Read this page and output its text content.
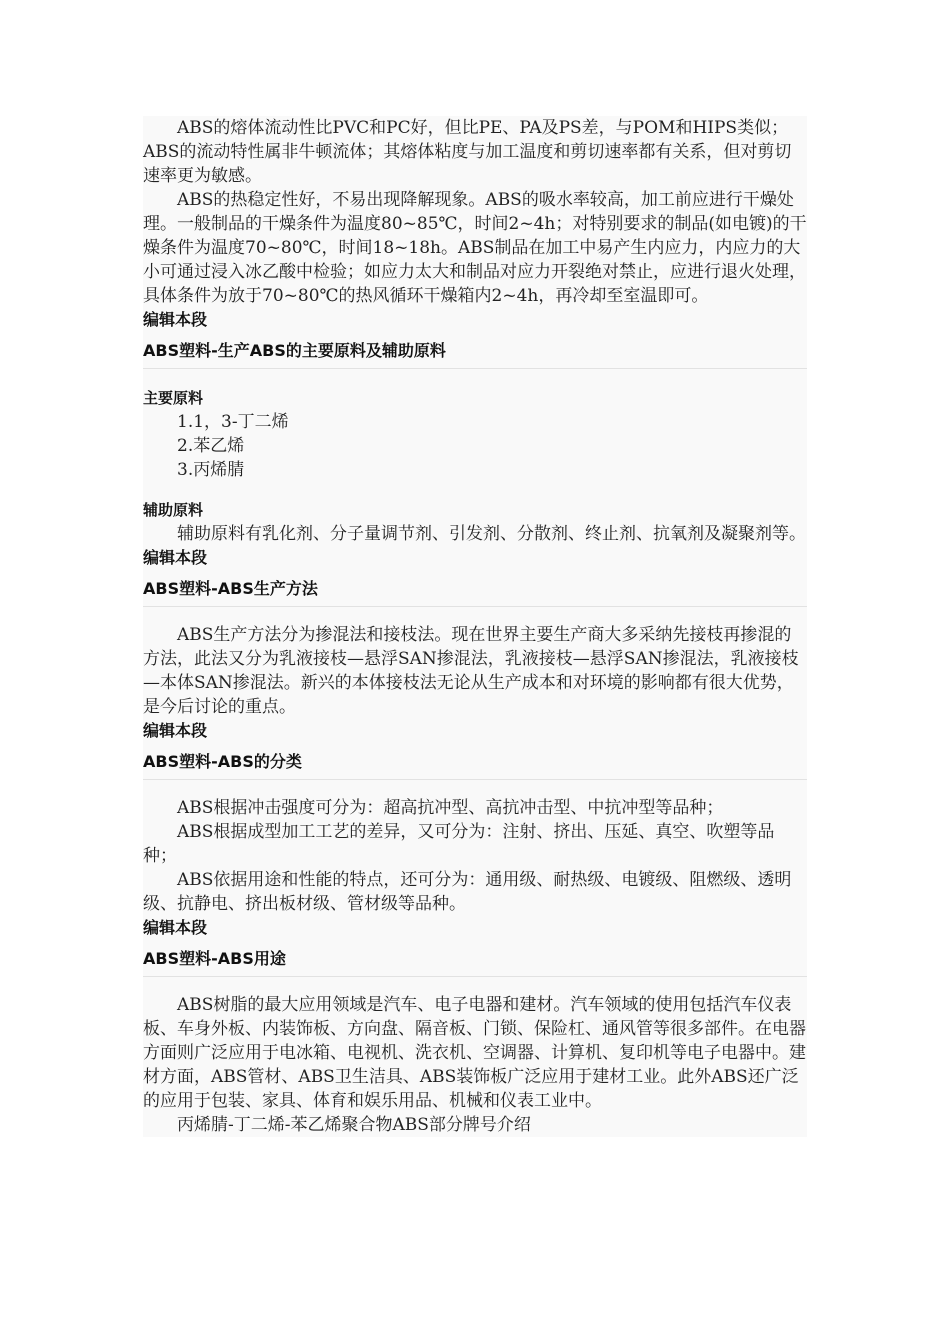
ABS的熔体流动性比PVC和PC好，但比PE、PA及PS差，与POM和HIPS类似；ABS的流动特性属非牛顿流体；其熔体粘度与加工温度和剪切速率都有关系，但对剪切速率更为敏感。

ABS的热稳定性好，不易出现降解现象。ABS的吸水率较高，加工前应进行干燥处理。一般制品的干燥条件为温度80~85℃，时间2~4h；对特别要求的制品(如电镀)的干燥条件为温度70~80℃，时间18~18h。ABS制品在加工中易产生内应力，内应力的大小可通过浸入冰乙酸中检验；如应力太大和制品对应力开裂绝对禁止，应进行退火处理，具体条件为放于70~80℃的热风循环干燥箱内2~4h，再冷却至室温即可。

编辑本段

ABS塑料-生产ABS的主要原料及辅助原料
主要原料

1.1，3-丁二烯

2.苯乙烯

3.丙烯腈

辅助原料

辅助原料有乳化剂、分子量调节剂、引发剂、分散剂、终止剂、抗氧剂及凝聚剂等。

编辑本段

ABS塑料-ABS生产方法

ABS生产方法分为掺混法和接枝法。现在世界主要生产商大多采纳先接枝再掺混的方法，此法又分为乳液接枝—悬浮SAN掺混法，乳液接枝—悬浮SAN掺混法，乳液接枝—本体SAN掺混法。新兴的本体接枝法无论从生产成本和对环境的影响都有很大优势，是今后讨论的重点。

编辑本段

ABS塑料-ABS的分类

ABS根据冲击强度可分为：超高抗冲型、高抗冲击型、中抗冲型等品种；

ABS根据成型加工工艺的差异，又可分为：注射、挤出、压延、真空、吹塑等品种；

ABS依据用途和性能的特点，还可分为：通用级、耐热级、电镀级、阻燃级、透明级、抗静电、挤出板材级、管材级等品种。

编辑本段

ABS塑料-ABS用途

ABS树脂的最大应用领域是汽车、电子电器和建材。汽车领域的使用包括汽车仪表板、车身外板、内装饰板、方向盘、隔音板、门锁、保险杠、通风管等很多部件。在电器方面则广泛应用于电冰箱、电视机、洗衣机、空调器、计算机、复印机等电子电器中。建材方面，ABS管材、ABS卫生洁具、ABS装饰板广泛应用于建材工业。此外ABS还广泛的应用于包装、家具、体育和娱乐用品、机械和仪表工业中。

丙烯腈-丁二烯-苯乙烯聚合物ABS部分牌号介绍
